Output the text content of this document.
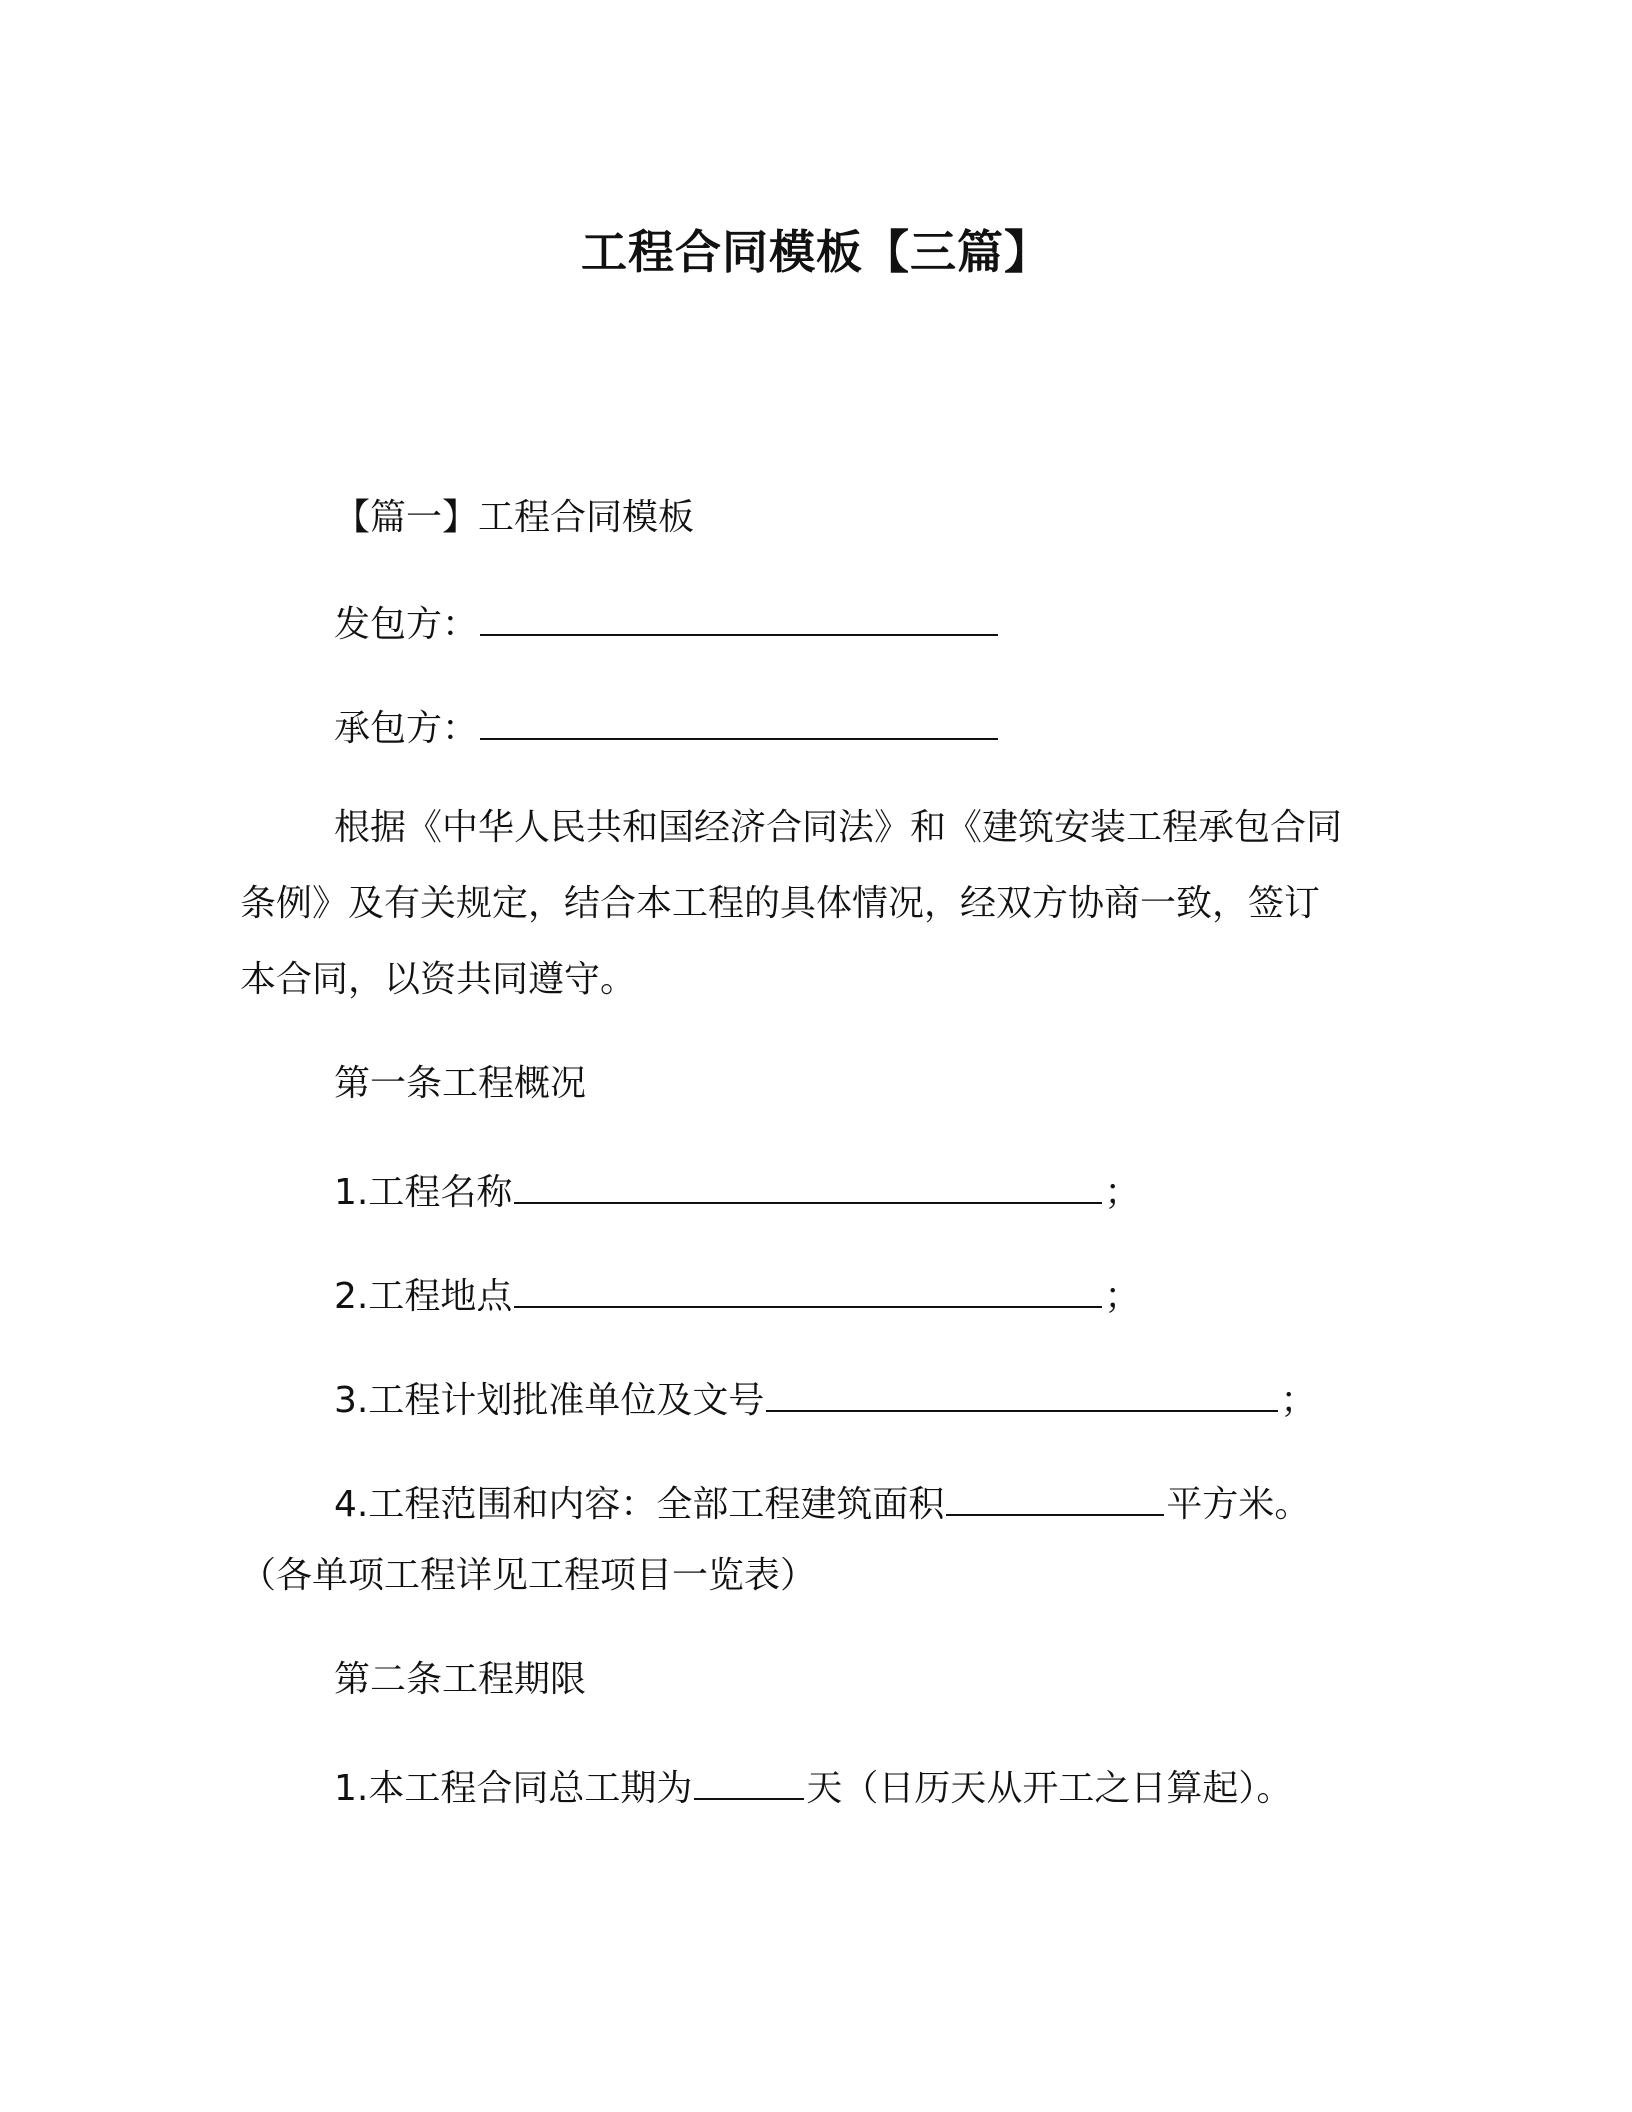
工程合同模板【三篇】
【篇一】工程合同模板
发包方：
承包方：
根据《中华人民共和国经济合同法》和《建筑安装工程承包合同
条例》及有关规定，结合本工程的具体情况，经双方协商一致，签订
本合同，以资共同遵守。
第一条工程概况
1.工程名称	；
2.工程地点	；
3.工程计划批准单位及文号	；
4.工程范围和内容：全部工程建筑面积	平方米。
（各单项工程详见工程项目一览表）
第二条工程期限
1.本工程合同总工期为	天（日历天从开工之日算起）。
